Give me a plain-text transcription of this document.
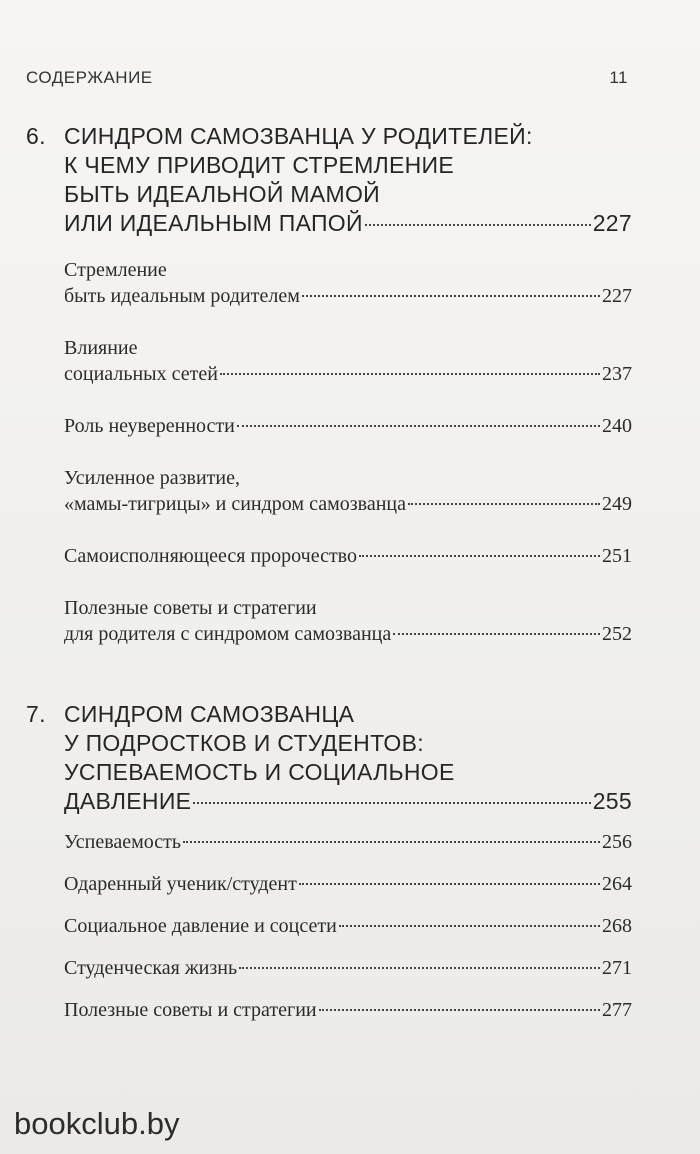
СОДЕРЖАНИЕ	11
6. СИНДРОМ САМОЗВАНЦА У РОДИТЕЛЕЙ:
К ЧЕМУ ПРИВОДИТ СТРЕМЛЕНИЕ
БЫТЬ ИДЕАЛЬНОЙ МАМОЙ
ИЛИ ИДЕАЛЬНЫМ ПАПОЙ	227
Стремление
быть идеальным родителем	227
Влияние
социальных сетей	237
Роль неуверенности	240
Усиленное развитие,
«мамы-тигрицы» и синдром самозванца	249
Самоисполняющееся пророчество	251
Полезные советы и стратегии
для родителя с синдромом самозванца	252
7. СИНДРОМ САМОЗВАНЦА
У ПОДРОСТКОВ И СТУДЕНТОВ:
УСПЕВАЕМОСТЬ И СОЦИАЛЬНОЕ
ДАВЛЕНИЕ	255
Успеваемость	256
Одаренный ученик/студент	264
Социальное давление и соцсети	268
Студенческая жизнь	271
Полезные советы и стратегии	277
bookclub.by
